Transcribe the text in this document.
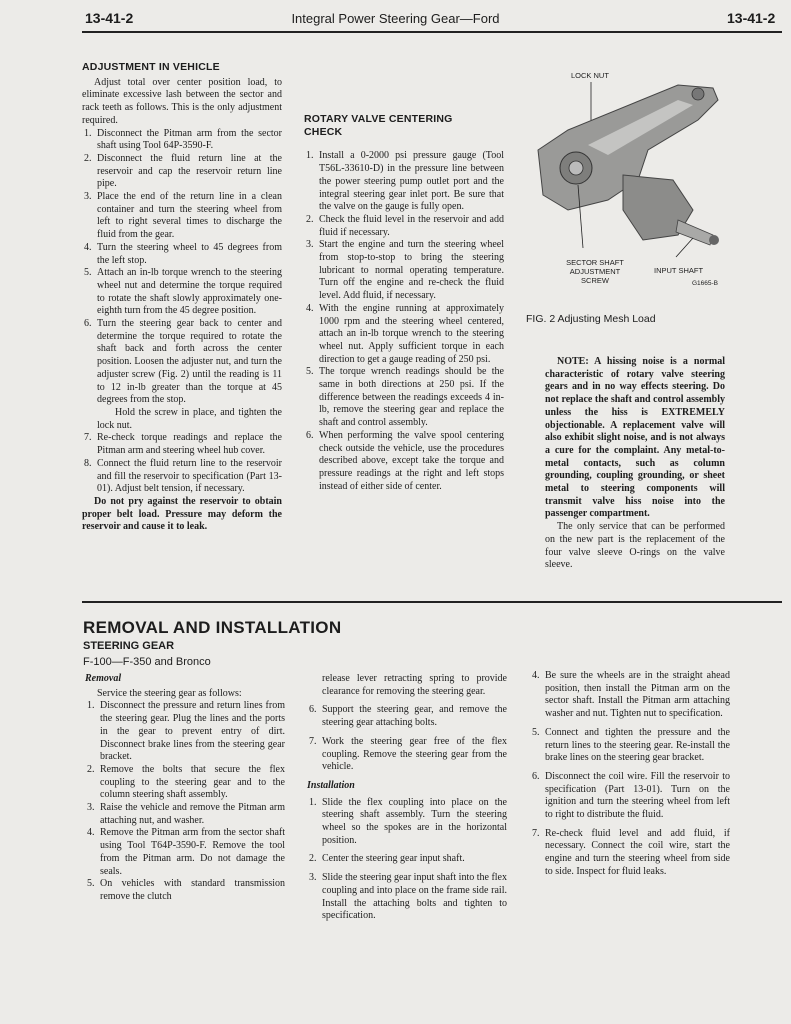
13-41-2	Integral Power Steering Gear—Ford	13-41-2

ADJUSTMENT IN VEHICLE

Adjust total over center position load, to eliminate excessive lash between the sector and rack teeth as follows. This is the only adjustment required.

1. Disconnect the Pitman arm from the sector shaft using Tool 64P-3590-F.
2. Disconnect the fluid return line at the reservoir and cap the reservoir return line pipe.
3. Place the end of the return line in a clean container and turn the steering wheel from left to right several times to discharge the fluid from the gear.
4. Turn the steering wheel to 45 degrees from the left stop.
5. Attach an in-lb torque wrench to the steering wheel nut and determine the torque required to rotate the shaft slowly approximately one-eighth turn from the 45 degree position.
6. Turn the steering gear back to center and determine the torque required to rotate the shaft back and forth across the center position. Loosen the adjuster nut, and turn the adjuster screw (Fig. 2) until the reading is 11 to 12 in-lb greater than the torque at 45 degrees from the stop.

Hold the screw in place, and tighten the lock nut.

7. Re-check torque readings and replace the Pitman arm and steering wheel hub cover.
8. Connect the fluid return line to the reservoir and fill the reservoir to specification (Part 13-01). Adjust belt tension, if necessary.

Do not pry against the reservoir to obtain proper belt load. Pressure may deform the reservoir and cause it to leak.

ROTARY VALVE CENTERING

CHECK

1. Install a 0-2000 psi pressure gauge (Tool T56L-33610-D) in the pressure line between the power steering pump outlet port and the integral steering gear inlet port. Be sure that the valve on the gauge is fully open.
2. Check the fluid level in the reservoir and add fluid if necessary.
3. Start the engine and turn the steering wheel from stop-to-stop to bring the steering lubricant to normal operating temperature. Turn off the engine and re-check the fluid level. Add fluid, if necessary.
4. With the engine running at approximately 1000 rpm and the steering wheel centered, attach an in-lb torque wrench to the steering wheel nut. Apply sufficient torque in each direction to get a gauge reading of 250 psi.
5. The torque wrench readings should be the same in both directions at 250 psi. If the difference between the readings exceeds 4 in-lb, remove the steering gear and replace the shaft and control assembly.
6. When performing the valve spool centering check outside the vehicle, use the procedures described above, except take the torque and pressure readings at the right and left stops instead of either side of center.
LOCK NUT
SECTOR SHAFT
ADJUSTMENT SCREW
INPUT SHAFT
G1665-B
FIG. 2 Adjusting Mesh Load

NOTE: A hissing noise is a normal characteristic of rotary valve steering gears and in no way effects steering. Do not replace the shaft and control assembly unless the hiss is EXTREMELY objectionable. A replacement valve will also exhibit slight noise, and is not always a cure for the complaint. Any metal-to-metal contacts, such as column grounding, coupling grounding, or sheet metal to steering components will transmit valve hiss noise into the passenger compartment.

The only service that can be performed on the new part is the replacement of the four valve sleeve O-rings on the valve sleeve.

REMOVAL AND INSTALLATION
STEERING GEAR
F-100—F-350 and Bronco

Removal

Service the steering gear as follows:

1. Disconnect the pressure and return lines from the steering gear. Plug the lines and the ports in the gear to prevent entry of dirt. Disconnect brake lines from the steering gear bracket.
2. Remove the bolts that secure the flex coupling to the steering gear and to the column steering shaft assembly.
3. Raise the vehicle and remove the Pitman arm attaching nut, and washer.
4. Remove the Pitman arm from the sector shaft using Tool T64P-3590-F. Remove the tool from the Pitman arm. Do not damage the seals.
5. On vehicles with standard transmission remove the clutch

release lever retracting spring to provide clearance for removing the steering gear.

6. Support the steering gear, and remove the steering gear attaching bolts.
7. Work the steering gear free of the flex coupling. Remove the steering gear from the vehicle.

Installation

1. Slide the flex coupling into place on the steering shaft assembly. Turn the steering wheel so the spokes are in the horizontal position.
2. Center the steering gear input shaft.
3. Slide the steering gear input shaft into the flex coupling and into place on the frame side rail. Install the attaching bolts and tighten to specification.
4. Be sure the wheels are in the straight ahead position, then install the Pitman arm on the sector shaft. Install the Pitman arm attaching washer and nut. Tighten nut to specification.
5. Connect and tighten the pressure and the return lines to the steering gear. Re-install the brake lines on the steering gear bracket.
6. Disconnect the coil wire. Fill the reservoir to specification (Part 13-01). Turn on the ignition and turn the steering wheel from left to right to distribute the fluid.
7. Re-check fluid level and add fluid, if necessary. Connect the coil wire, start the engine and turn the steering wheel from side to side. Inspect for fluid leaks.
